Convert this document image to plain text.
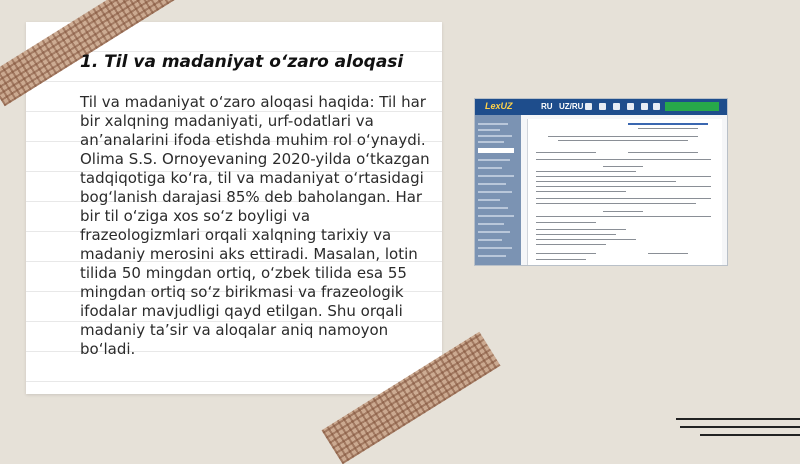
1. Til va madaniyat o‘zaro aloqasi

Til va madaniyat o‘zaro aloqasi haqida: Til har bir xalqning madaniyati, urf-odatlari va an’analarini ifoda etishda muhim rol o‘ynaydi. Olima S.S. Ornoyevaning 2020-yilda o‘tkazgan tadqiqotiga ko‘ra, til va madaniyat o‘rtasidagi bog‘lanish darajasi 85% deb baholangan. Har bir til o‘ziga xos so‘z boyligi va frazeologizmlari orqali xalqning tarixiy va madaniy merosini aks ettiradi. Masalan, lotin tilida 50 mingdan ortiq, o‘zbek tilida esa 55 mingdan ortiq so‘z birikmasi va frazeologik ifodalar mavjudligi qayd etilgan. Shu orqali madaniy ta’sir va aloqalar aniq namoyon bo‘ladi.

LexUZ	RU UZ/RU
